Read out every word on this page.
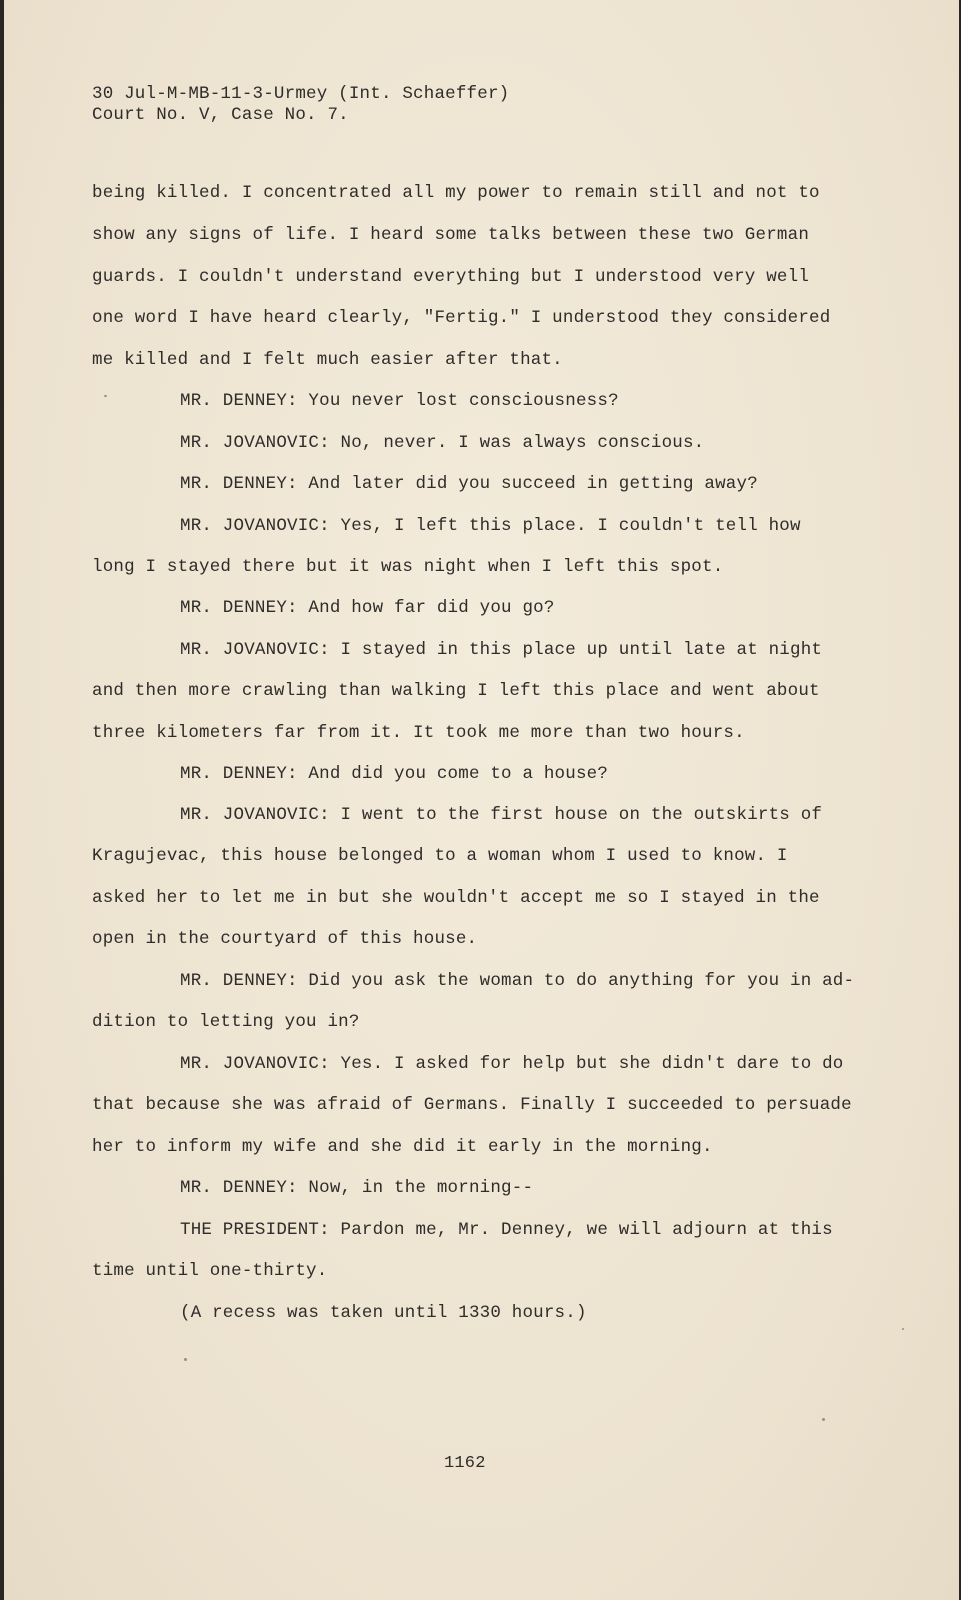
30 Jul-M-MB-11-3-Urmey (Int. Schaeffer)
Court No. V, Case No. 7.
being killed. I concentrated all my power to remain still and not to
show any signs of life. I heard some talks between these two German
guards. I couldn't understand everything but I understood very well
one word I have heard clearly, "Fertig." I understood they considered
me killed and I felt much easier after that.
MR. DENNEY: You never lost consciousness?
MR. JOVANOVIC: No, never. I was always conscious.
MR. DENNEY: And later did you succeed in getting away?
MR. JOVANOVIC: Yes, I left this place. I couldn't tell how
long I stayed there but it was night when I left this spot.
MR. DENNEY: And how far did you go?
MR. JOVANOVIC: I stayed in this place up until late at night
and then more crawling than walking I left this place and went about
three kilometers far from it. It took me more than two hours.
MR. DENNEY: And did you come to a house?
MR. JOVANOVIC: I went to the first house on the outskirts of
Kragujevac, this house belonged to a woman whom I used to know. I
asked her to let me in but she wouldn't accept me so I stayed in the
open in the courtyard of this house.
MR. DENNEY: Did you ask the woman to do anything for you in ad-
dition to letting you in?
MR. JOVANOVIC: Yes. I asked for help but she didn't dare to do
that because she was afraid of Germans. Finally I succeeded to persuade
her to inform my wife and she did it early in the morning.
MR. DENNEY: Now, in the morning--
THE PRESIDENT: Pardon me, Mr. Denney, we will adjourn at this
time until one-thirty.
(A recess was taken until 1330 hours.)
1162
